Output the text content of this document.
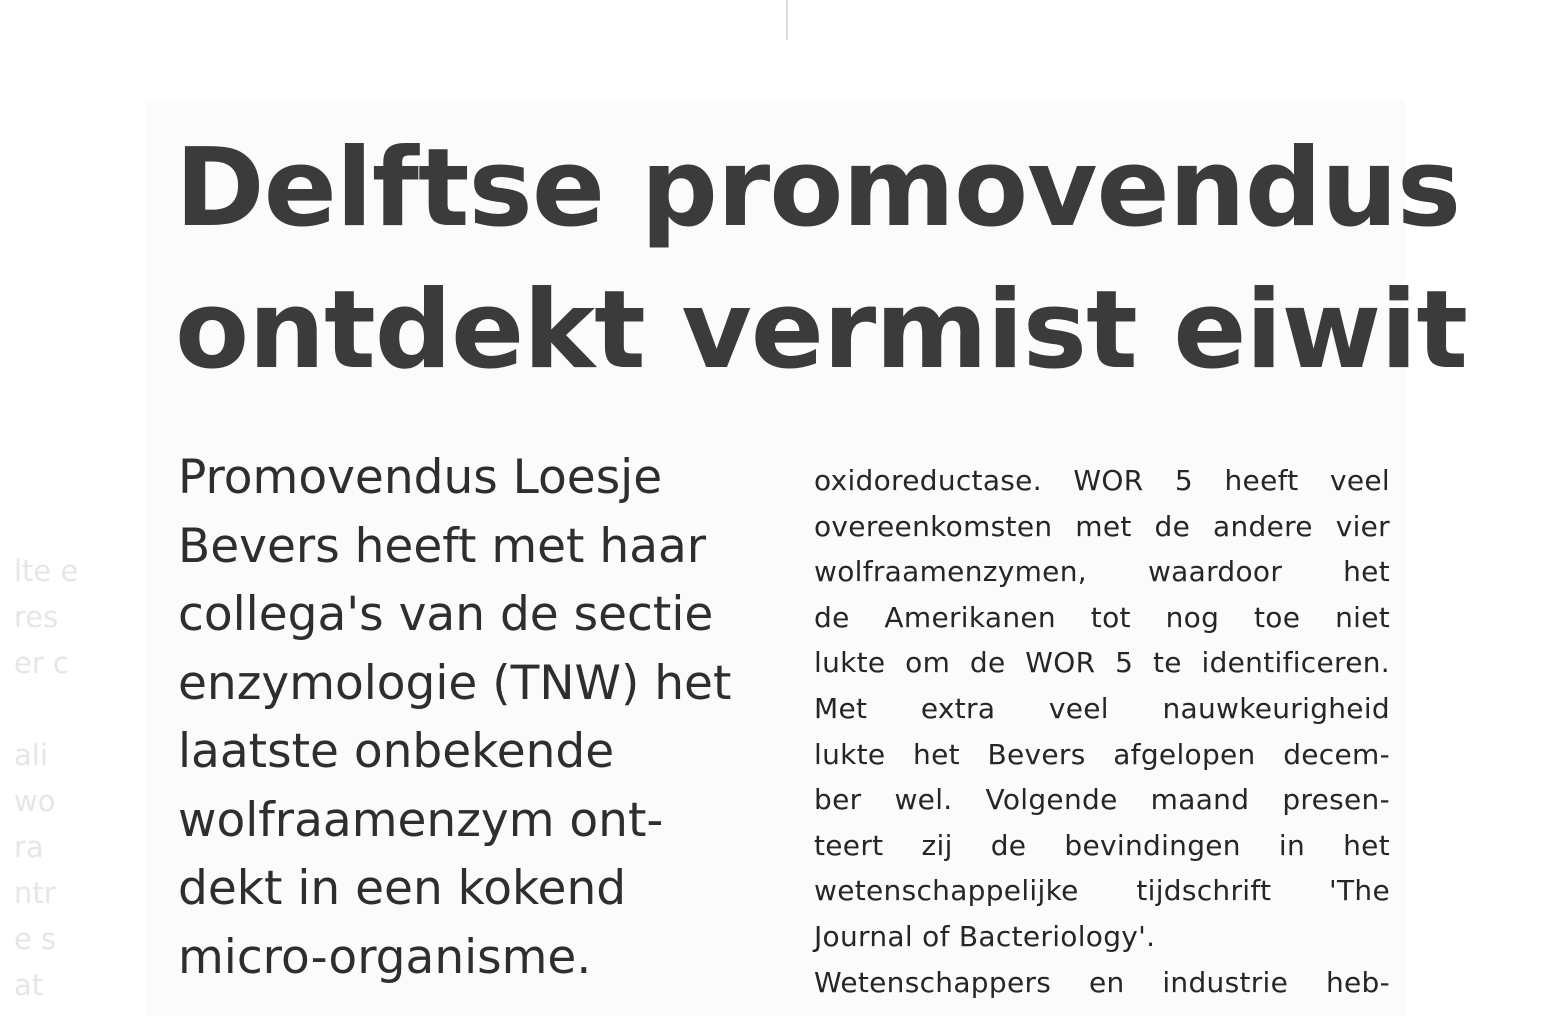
lte e
res
er c
ali
wo
ra
ntr
e s
at
Delftse promovendus
ontdekt vermist eiwit
Promovendus Loesje
Bevers heeft met haar
collega's van de sectie
enzymologie (TNW) het
laatste onbekende
wolfraamenzym ont-
dekt in een kokend
micro-organisme.
oxidoreductase. WOR 5 heeft veel
overeenkomsten met de andere vier
wolfraamenzymen, waardoor het
de Amerikanen tot nog toe niet
lukte om de WOR 5 te identificeren.
Met extra veel nauwkeurigheid
lukte het Bevers afgelopen decem-
ber wel. Volgende maand presen-
teert zij de bevindingen in het
wetenschappelijke tijdschrift 'The
Journal of Bacteriology'.
Wetenschappers en industrie heb-
